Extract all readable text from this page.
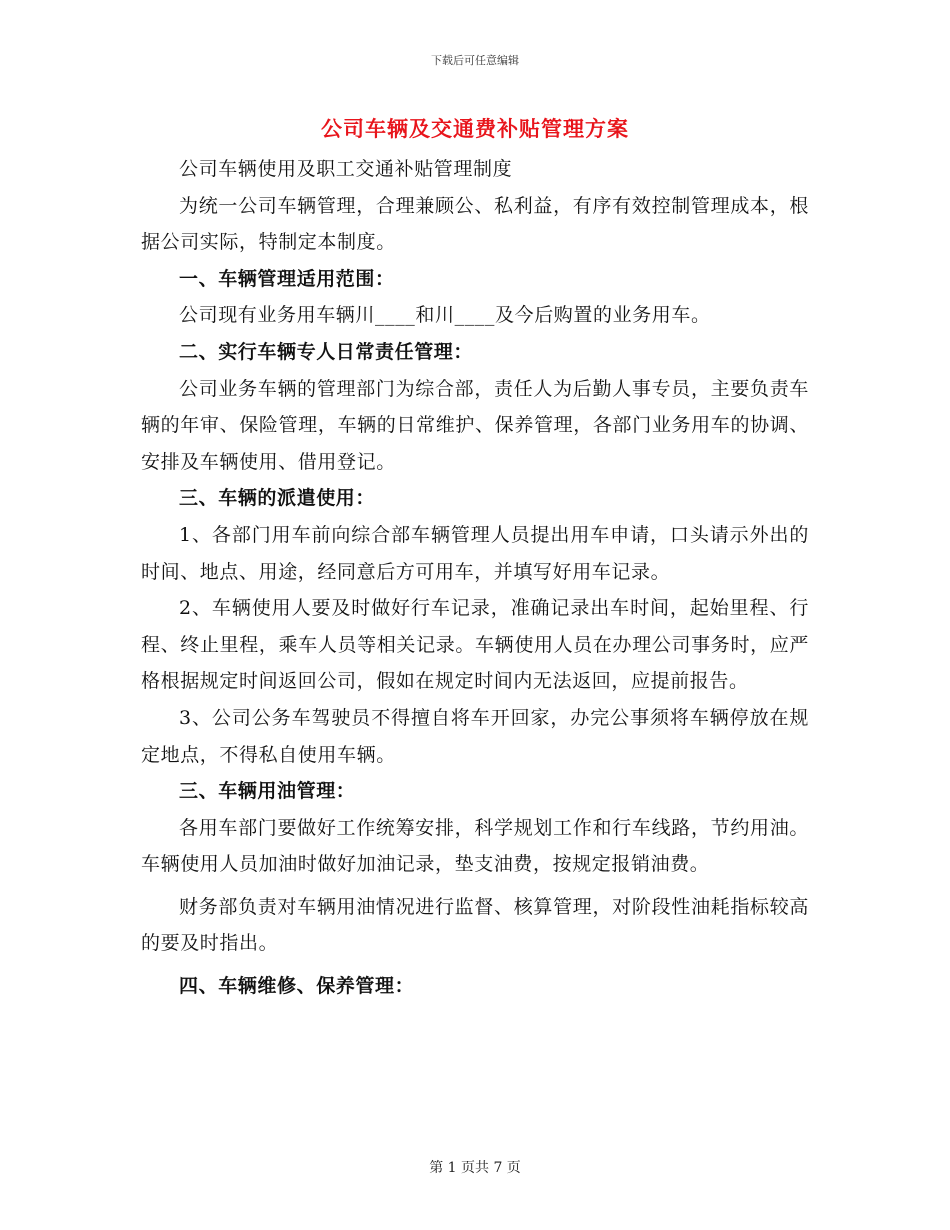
下载后可任意编辑
公司车辆及交通费补贴管理方案

公司车辆使用及职工交通补贴管理制度

为统一公司车辆管理，合理兼顾公、私利益，有序有效控制管理成本，根据公司实际，特制定本制度。

一、车辆管理适用范围：

公司现有业务用车辆川____和川____及今后购置的业务用车。

二、实行车辆专人日常责任管理：

公司业务车辆的管理部门为综合部，责任人为后勤人事专员，主要负责车辆的年审、保险管理，车辆的日常维护、保养管理，各部门业务用车的协调、安排及车辆使用、借用登记。

三、车辆的派遣使用：

1、各部门用车前向综合部车辆管理人员提出用车申请，口头请示外出的时间、地点、用途，经同意后方可用车，并填写好用车记录。

2、车辆使用人要及时做好行车记录，准确记录出车时间，起始里程、行程、终止里程，乘车人员等相关记录。车辆使用人员在办理公司事务时，应严格根据规定时间返回公司，假如在规定时间内无法返回，应提前报告。

3、公司公务车驾驶员不得擅自将车开回家，办完公事须将车辆停放在规定地点，不得私自使用车辆。

三、车辆用油管理：

各用车部门要做好工作统筹安排，科学规划工作和行车线路，节约用油。车辆使用人员加油时做好加油记录，垫支油费，按规定报销油费。

财务部负责对车辆用油情况进行监督、核算管理，对阶段性油耗指标较高的要及时指出。

四、车辆维修、保养管理：

第 1 页共 7 页
